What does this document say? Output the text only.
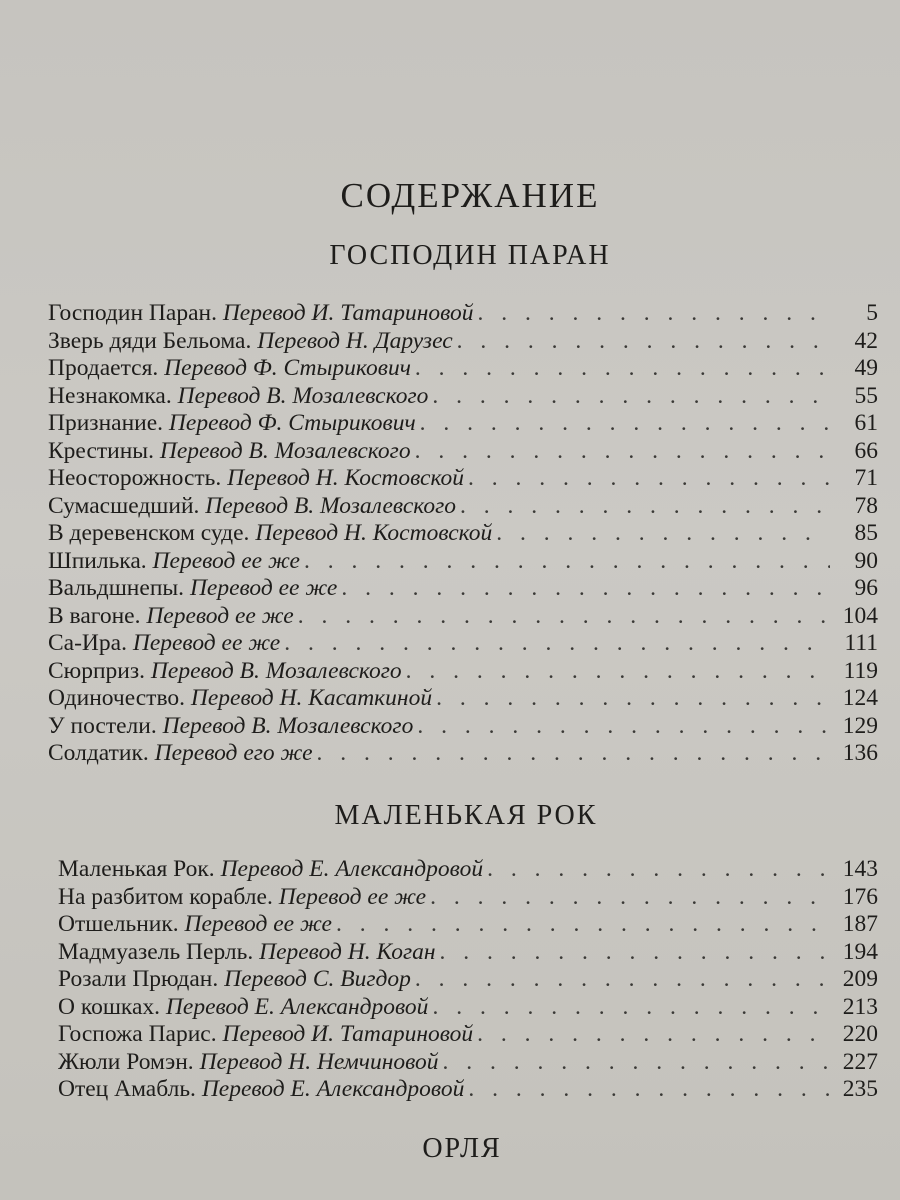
СОДЕРЖАНИЕ
ГОСПОДИН ПАРАН
МАЛЕНЬКАЯ РОК
ОРЛЯ
Господин Паран. Перевод И. Татариновой . . .	5
Зверь дяди Бельома. Перевод Н. Дарузес . . .	42
Продается. Перевод Ф. Стырикович . . .	49
Незнакомка. Перевод В. Мозалевского . . .	55
Признание. Перевод Ф. Стырикович . . .	61
Крестины. Перевод В. Мозалевского . . .	66
Неосторожность. Перевод Н. Костовской . . .	71
Сумасшедший. Перевод В. Мозалевского . . .	78
В деревенском суде. Перевод Н. Костовской . . .	85
Шпилька. Перевод ее же . . .	90
Вальдшнепы. Перевод ее же . . .	96
В вагоне. Перевод ее же . . .	104
Са-Ира. Перевод ее же . . .	111
Сюрприз. Перевод В. Мозалевского . . .	119
Одиночество. Перевод Н. Касаткиной . . .	124
У постели. Перевод В. Мозалевского . . .	129
Солдатик. Перевод его же . . .	136
Маленькая Рок. Перевод Е. Александровой . . .	143
На разбитом корабле. Перевод ее же . . .	176
Отшельник. Перевод ее же . . .	187
Мадмуазель Перль. Перевод Н. Коган . . .	194
Розали Прюдан. Перевод С. Вигдор . . .	209
О кошках. Перевод Е. Александровой . . .	213
Госпожа Парис. Перевод И. Татариновой . . .	220
Жюли Ромэн. Перевод Н. Немчиновой . . .	227
Отец Амабль. Перевод Е. Александровой . . .	235
